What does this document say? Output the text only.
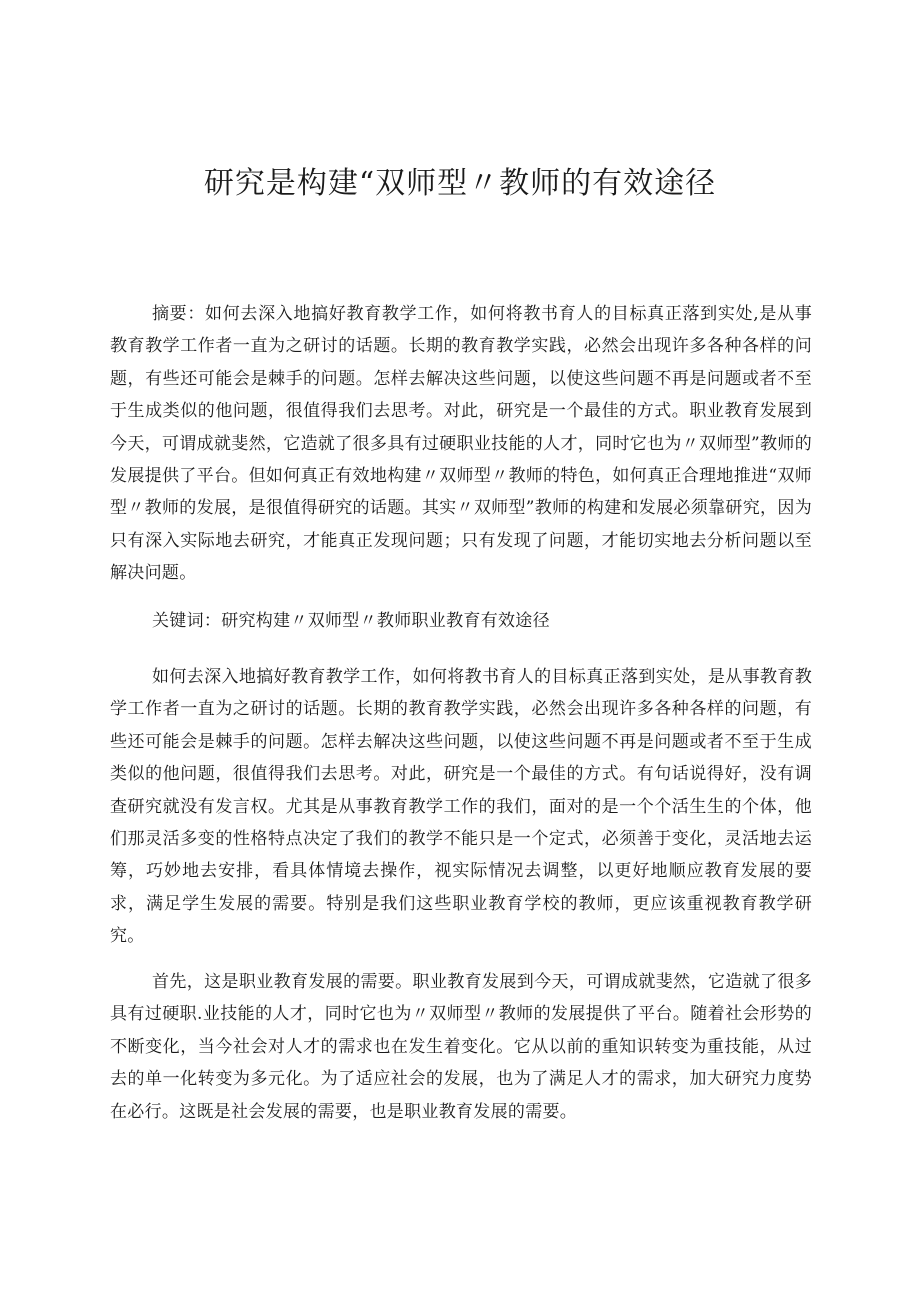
研究是构建“双师型〃教师的有效途径

摘要：如何去深入地搞好教育教学工作，如何将教书育人的目标真正落到实处,是从事教育教学工作者一直为之研讨的话题。长期的教育教学实践，必然会出现许多各种各样的问题，有些还可能会是棘手的问题。怎样去解决这些问题，以使这些问题不再是问题或者不至于生成类似的他问题，很值得我们去思考。对此，研究是一个最佳的方式。职业教育发展到今天，可谓成就斐然，它造就了很多具有过硬职业技能的人才，同时它也为〃双师型”教师的发展提供了平台。但如何真正有效地构建〃双师型〃教师的特色，如何真正合理地推进“双师型〃教师的发展，是很值得研究的话题。其实〃双师型”教师的构建和发展必须靠研究，因为只有深入实际地去研究，才能真正发现问题；只有发现了问题，才能切实地去分析问题以至解决问题。

关键词：研究构建〃双师型〃教师职业教育有效途径

如何去深入地搞好教育教学工作，如何将教书育人的目标真正落到实处，是从事教育教学工作者一直为之研讨的话题。长期的教育教学实践，必然会出现许多各种各样的问题，有些还可能会是棘手的问题。怎样去解决这些问题，以使这些问题不再是问题或者不至于生成类似的他问题，很值得我们去思考。对此，研究是一个最佳的方式。有句话说得好，没有调查研究就没有发言权。尤其是从事教育教学工作的我们，面对的是一个个活生生的个体，他们那灵活多变的性格特点决定了我们的教学不能只是一个定式，必须善于变化，灵活地去运筹，巧妙地去安排，看具体情境去操作，视实际情况去调整，以更好地顺应教育发展的要求，满足学生发展的需要。特别是我们这些职业教育学校的教师，更应该重视教育教学研究。

首先，这是职业教育发展的需要。职业教育发展到今天，可谓成就斐然，它造就了很多具有过硬职.业技能的人才，同时它也为〃双师型〃教师的发展提供了平台。随着社会形势的不断变化，当今社会对人才的需求也在发生着变化。它从以前的重知识转变为重技能，从过去的单一化转变为多元化。为了适应社会的发展，也为了满足人才的需求，加大研究力度势在必行。这既是社会发展的需要，也是职业教育发展的需要。
